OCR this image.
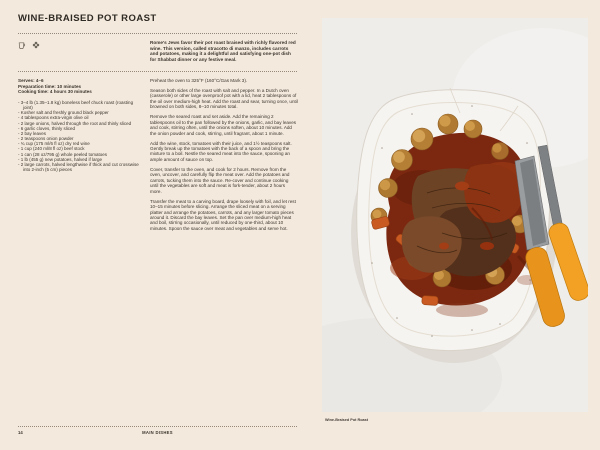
WINE-BRAISED POT ROAST

Rome's Jews favor their pot roast braised with richly flavored red wine. This version, called stracotto di manzo, includes carrots and potatoes, making it a delightful and satisfying one-pot dish for Shabbat dinner or any festive meal.

Serves: 4–6
Preparation time: 10 minutes
Cooking time: 4 hours 30 minutes
- 3–4 lb (1.35–1.8 kg) boneless beef chuck roast (roasting joint)
- Kosher salt and freshly ground black pepper
- 4 tablespoons extra-virgin olive oil
- 2 large onions, halved through the root and thinly sliced
- 6 garlic cloves, thinly sliced
- 2 bay leaves
- 2 teaspoons onion powder
- ¾ cup (175 ml/6 fl oz) dry red wine
- 1 cup (240 ml/8 fl oz) beef stock
- 1 can (28 oz/795 g) whole peeled tomatoes
- 1 lb (455 g) new potatoes, halved if large
- 2 large carrots, halved lengthwise if thick and cut crosswise into 2-inch (5 cm) pieces

Preheat the oven to 325°F (160°C/Gas Mark 3).

Season both sides of the roast with salt and pepper. In a Dutch oven (casserole) or other large ovenproof pot with a lid, heat 2 tablespoons of the oil over medium-high heat. Add the roast and sear, turning once, until browned on both sides, 8–10 minutes total.

Remove the seared roast and set aside. Add the remaining 2 tablespoons oil to the pan followed by the onions, garlic, and bay leaves and cook, stirring often, until the onions soften, about 10 minutes. Add the onion powder and cook, stirring, until fragrant, about 1 minute.

Add the wine, stock, tomatoes with their juice, and 1½ teaspoons salt. Gently break up the tomatoes with the back of a spoon and bring the mixture to a boil. Nestle the seared meat into the sauce, spooning an ample amount of sauce on top.

Cover, transfer to the oven, and cook for 2 hours. Remove from the oven, uncover, and carefully flip the meat over. Add the potatoes and carrots, tucking them into the sauce. Re-cover and continue cooking until the vegetables are soft and meat is fork-tender, about 2 hours more.

Transfer the meat to a carving board, drape loosely with foil, and let rest 10–15 minutes before slicing. Arrange the sliced meat on a serving platter and arrange the potatoes, carrots, and any larger tomato pieces around it. Discard the bay leaves. Set the pan over medium-high heat and boil, stirring occasionally, until reduced by one-third, about 10 minutes. Spoon the sauce over meat and vegetables and serve hot.

14	MAIN DISHES
Wine-Braised Pot Roast
